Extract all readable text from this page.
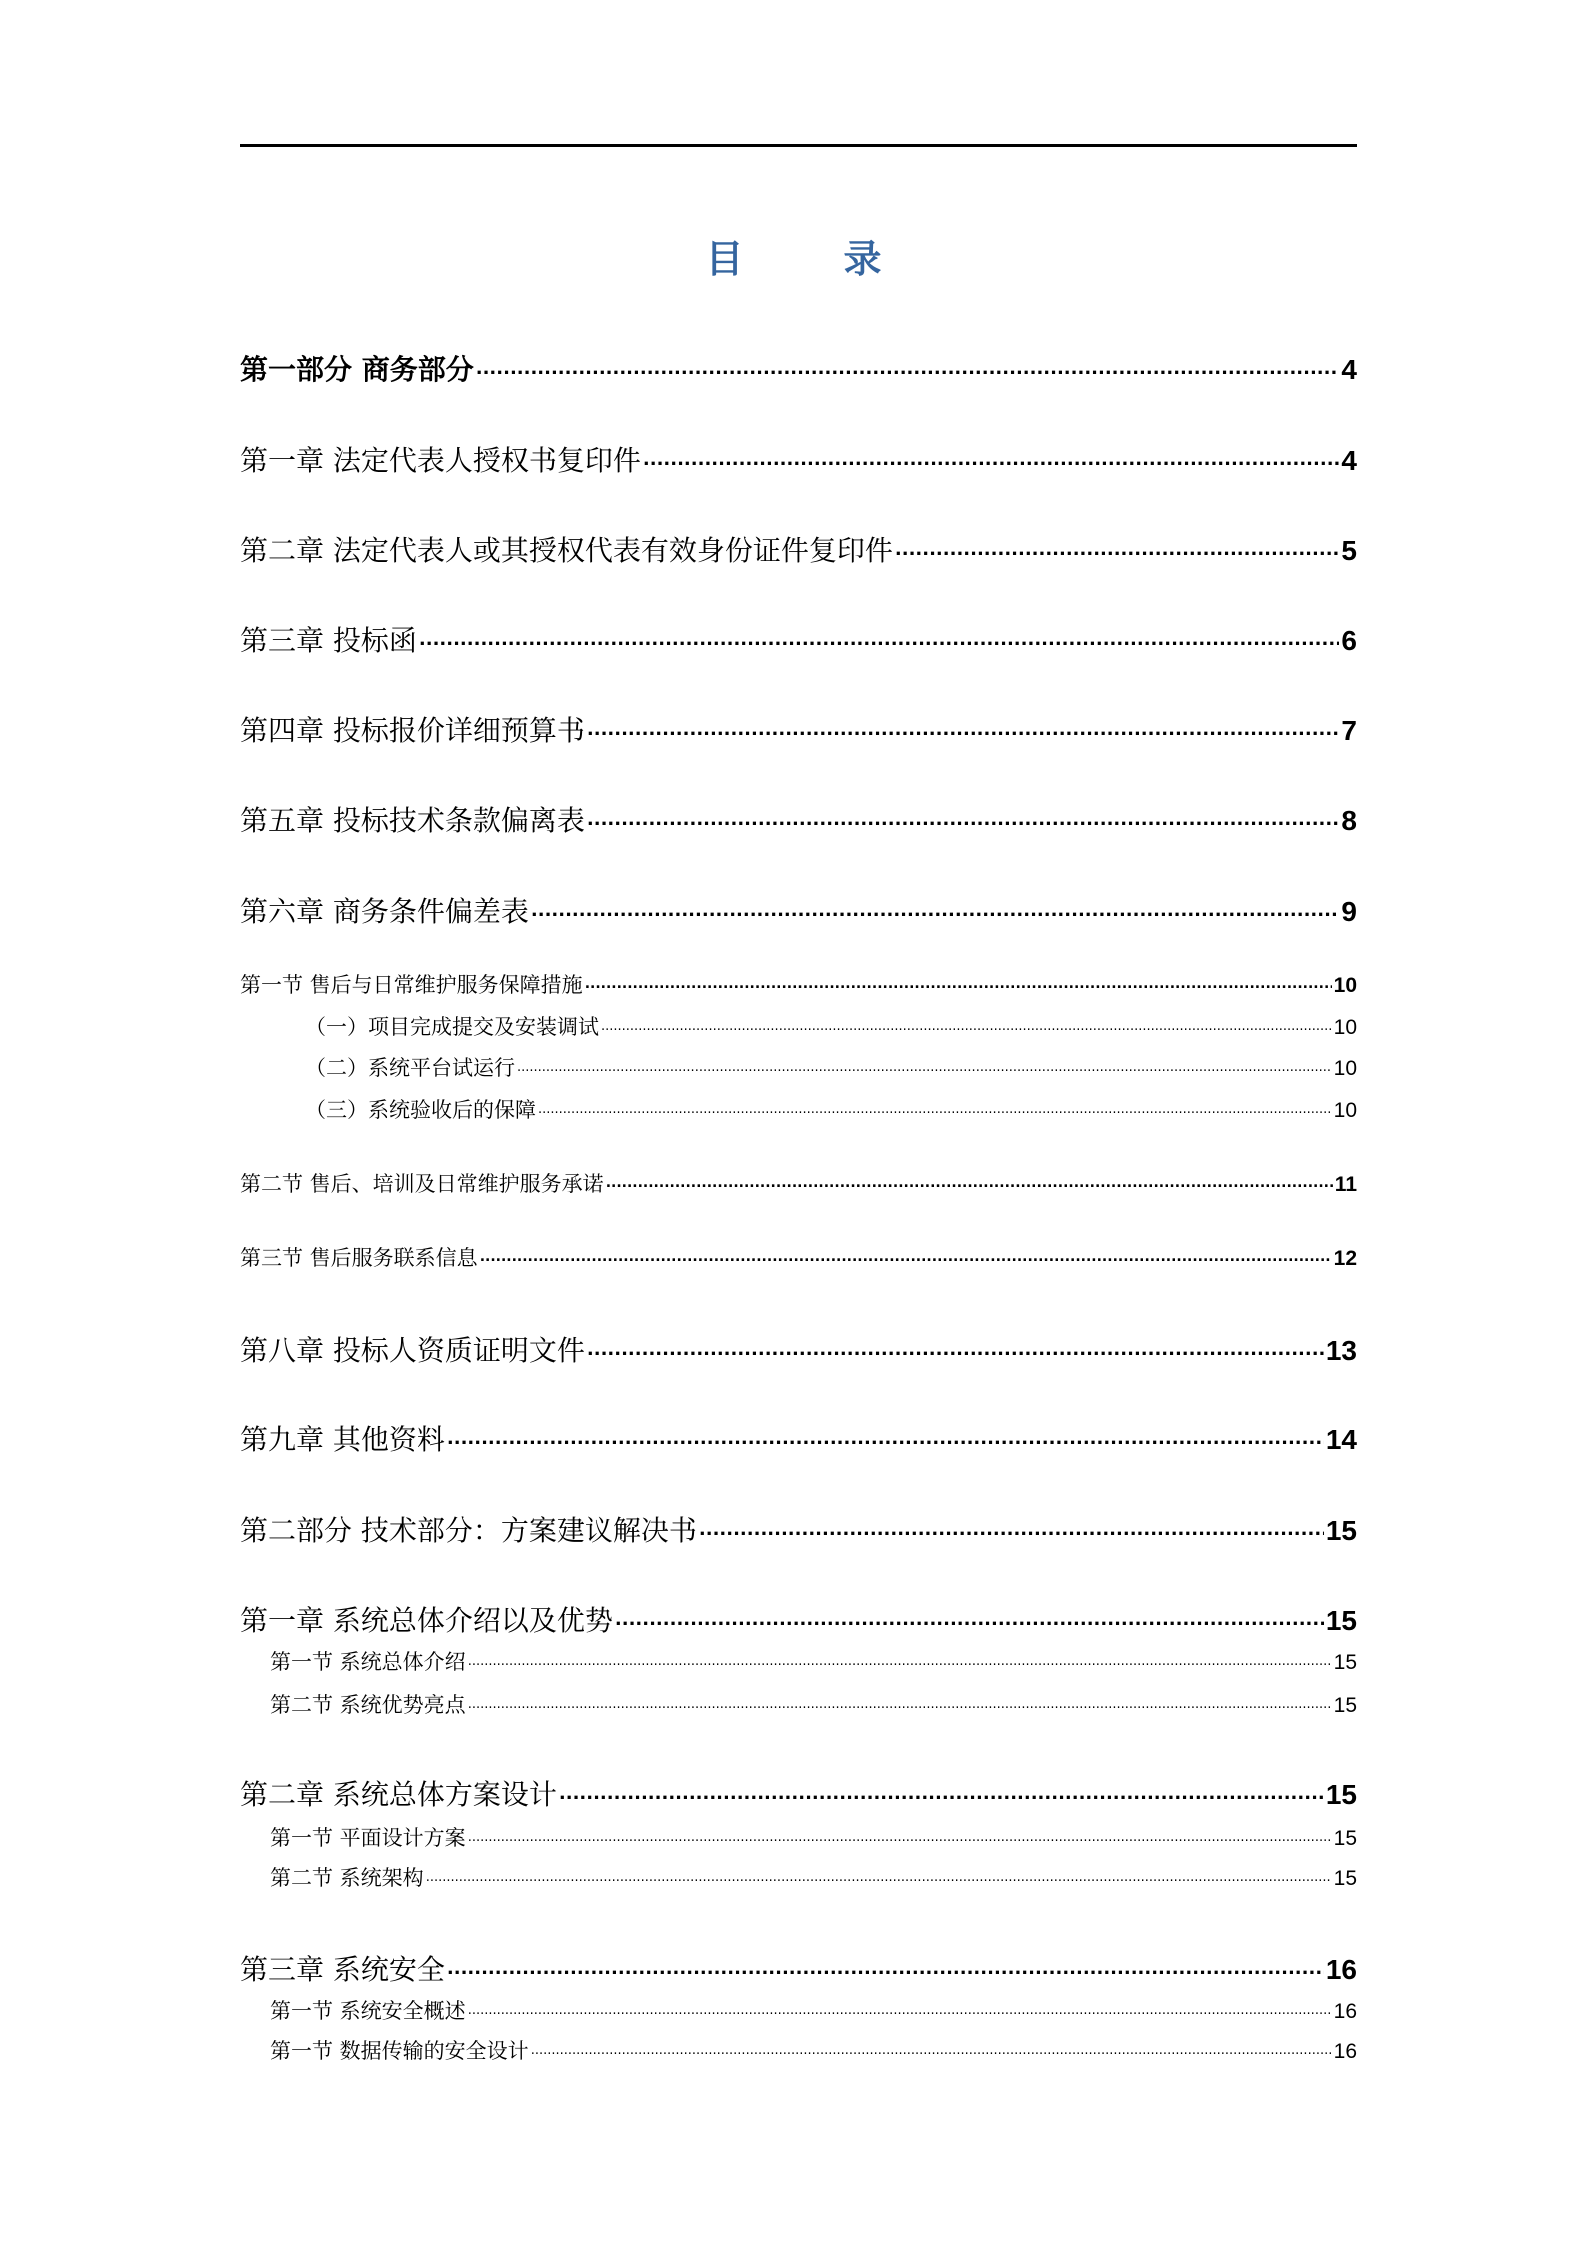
目	录
第一部分 商务部分 .....	4
第一章 法定代表人授权书复印件 .....	4
第二章 法定代表人或其授权代表有效身份证件复印件 .....	5
第三章 投标函 .....	6
第四章 投标报价详细预算书 .....	7
第五章 投标技术条款偏离表 .....	8
第六章 商务条件偏差表 .....	9
第一节 售后与日常维护服务保障措施 .....	10
（一）项目完成提交及安装调试 .....	10
（二）系统平台试运行 .....	10
（三）系统验收后的保障 .....	10
第二节 售后、培训及日常维护服务承诺 .....	11
第三节 售后服务联系信息 .....	12
第八章 投标人资质证明文件 .....	13
第九章 其他资料 .....	14
第二部分 技术部分：方案建议解决书 .....	15
第一章 系统总体介绍以及优势 .....	15
第一节 系统总体介绍 .....	15
第二节 系统优势亮点 .....	15
第二章 系统总体方案设计 .....	15
第一节 平面设计方案 .....	15
第二节 系统架构 .....	15
第三章 系统安全 .....	16
第一节 系统安全概述 .....	16
第一节 数据传输的安全设计 .....	16
